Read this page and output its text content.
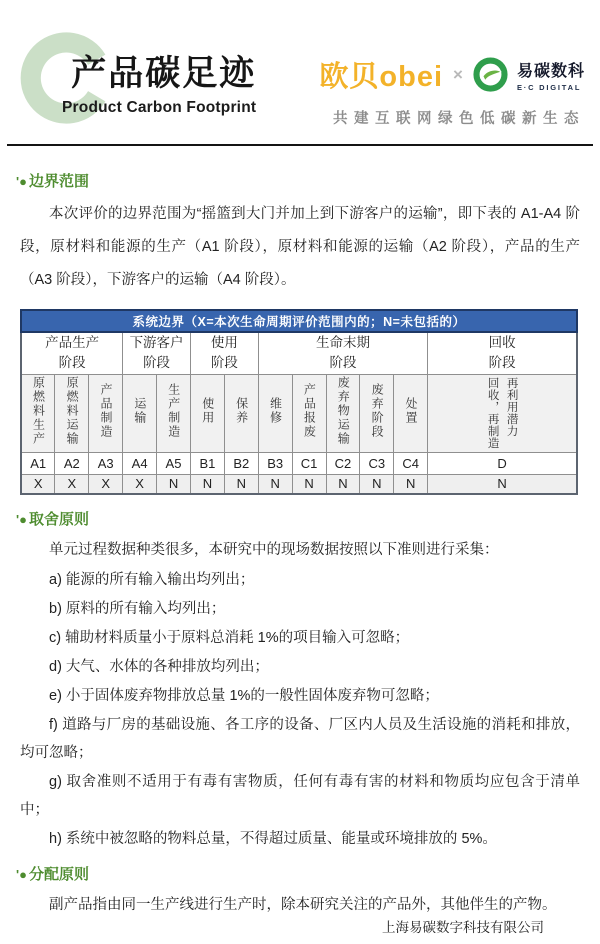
产品碳足迹
Product Carbon Footprint
欧贝obei ×	易碳数科
E·C DIGITAL
共建互联网绿色低碳新生态
'● 边界范围

本次评价的边界范围为“摇篮到大门并加上到下游客户的运输”，即下表的 A1-A4 阶段，原材料和能源的生产（A1 阶段），原材料和能源的运输（A2 阶段），产品的生产（A3 阶段），下游客户的运输（A4 阶段）。

系统边界（X=本次生命周期评价范围内的；N=未包括的）												

产品生产
阶段

下游客户
阶段

使用
阶段

生命末期
阶段

回收
阶段

原燃料生产	原燃料运输	产品制造	运输	生产制造	使用	保养	维修	产品报废	废弃物运输	废弃阶段	处置	回收，再制造 再利用潜力

A1	A2	A3	A4	A5	B1	B2	B3	C1	C2	C3	C4	D
X	X	X	X	N	N	N	N	N	N	N	N	N
'● 取舍原则

单元过程数据种类很多，本研究中的现场数据按照以下准则进行采集：

a) 能源的所有输入输出均列出；

b) 原料的所有输入均列出；

c) 辅助材料质量小于原料总消耗 1%的项目输入可忽略；

d) 大气、水体的各种排放均列出；

e) 小于固体废弃物排放总量 1%的一般性固体废弃物可忽略；

f) 道路与厂房的基础设施、各工序的设备、厂区内人员及生活设施的消耗和排放，均可忽略；

g) 取舍准则不适用于有毒有害物质，任何有毒有害的材料和物质均应包含于清单中；

h) 系统中被忽略的物料总量，不得超过质量、能量或环境排放的 5%。

'● 分配原则

副产品指由同一生产线进行生产时，除本研究关注的产品外，其他伴生的产物。

上海易碳数字科技有限公司
